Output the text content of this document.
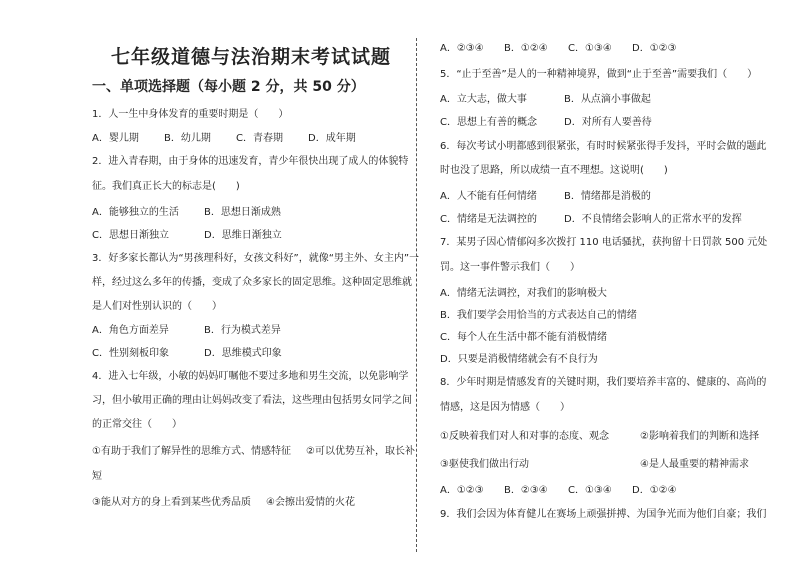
七年级道德与法治期末考试试题
一、单项选择题（每小题 2 分，共 50 分）
1．人一生中身体发育的重要时期是（　　）
A．婴儿期	B．幼儿期	C．青春期	D．成年期
2．进入青春期，由于身体的迅速发育，青少年很快出现了成人的体貌特
征。我们真正长大的标志是(　　)
A．能够独立的生活	B．思想日渐成熟
C．思想日渐独立	D．思维日渐独立
3．好多家长都认为“男孩理科好，女孩文科好”，就像“男主外、女主内”一
样，经过这么多年的传播，变成了众多家长的固定思维。这种固定思维就
是人们对性别认识的（　　）
A．角色方面差异	B．行为模式差异
C．性别刻板印象	D．思维模式印象
4．进入七年级，小敏的妈妈叮嘱他不要过多地和男生交流，以免影响学
习，但小敏用正确的理由让妈妈改变了看法，这些理由包括男女同学之间
的正常交往（　　）
①有助于我们了解异性的思维方式、情感特征 ②可以优势互补，取长补
短
③能从对方的身上看到某些优秀品质 ④会擦出爱情的火花
A．②③④ B．①②④ C．①③④ D．①②③
5．“止于至善”是人的一种精神境界，做到“止于至善”需要我们（　　）
A．立大志，做大事	B．从点滴小事做起
C．思想上有善的概念	D．对所有人要善待
6．每次考试小明都感到很紧张，有时时候紧张得手发抖，平时会做的题此
时也没了思路，所以成绩一直不理想。这说明(　　)
A．人不能有任何情绪	B．情绪都是消极的
C．情绪是无法调控的	D．不良情绪会影响人的正常水平的发挥
7．某男子因心情郁闷多次拨打 110 电话骚扰，获拘留十日罚款 500 元处
罚。这一事件警示我们（　　）
A．情绪无法调控，对我们的影响极大
B．我们要学会用恰当的方式表达自己的情绪
C．每个人在生活中都不能有消极情绪
D．只要是消极情绪就会有不良行为
8．少年时期是情感发育的关键时期，我们要培养丰富的、健康的、高尚的
情感，这是因为情感（　　）
①反映着我们对人和对事的态度、观念	②影响着我们的判断和选择
③驱使我们做出行动	④是人最重要的精神需求
A．①②③ B．②③④ C．①③④ D．①②④
9．我们会因为体育健儿在赛场上顽强拼搏、为国争光而为他们自豪；我们
